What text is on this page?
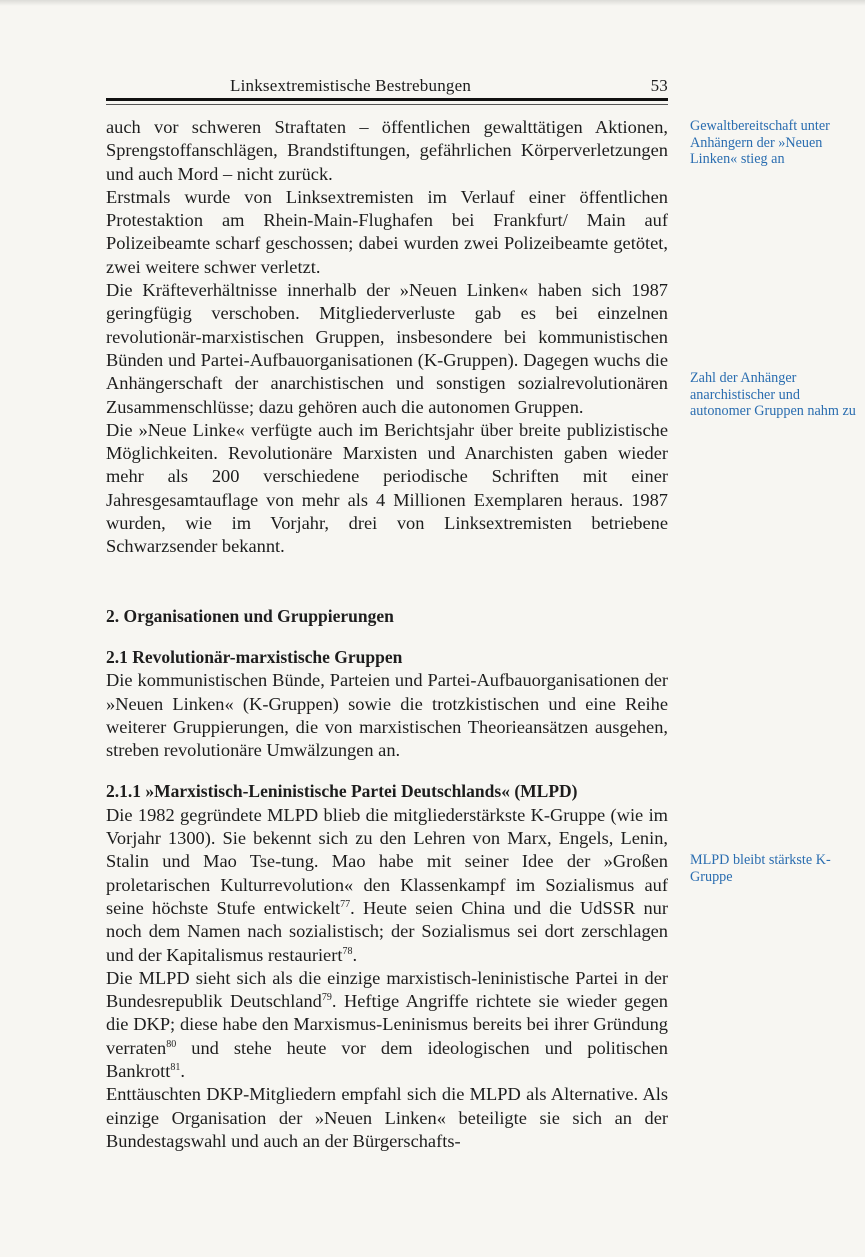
Linksextremistische Bestrebungen	53

auch vor schweren Straftaten – öffentlichen gewalttätigen Aktionen, Sprengstoffanschlägen, Brandstiftungen, gefährlichen Körperverletzungen und auch Mord – nicht zurück.

Erstmals wurde von Linksextremisten im Verlauf einer öffentlichen Protestaktion am Rhein-Main-Flughafen bei Frankfurt/ Main auf Polizeibeamte scharf geschossen; dabei wurden zwei Polizeibeamte getötet, zwei weitere schwer verletzt.

Die Kräfteverhältnisse innerhalb der »Neuen Linken« haben sich 1987 geringfügig verschoben. Mitgliederverluste gab es bei einzelnen revolutionär-marxistischen Gruppen, insbesondere bei kommunistischen Bünden und Partei-Aufbauorganisationen (K-Gruppen). Dagegen wuchs die Anhängerschaft der anarchistischen und sonstigen sozialrevolutionären Zusammenschlüsse; dazu gehören auch die autonomen Gruppen.

Die »Neue Linke« verfügte auch im Berichtsjahr über breite publizistische Möglichkeiten. Revolutionäre Marxisten und Anarchisten gaben wieder mehr als 200 verschiedene periodische Schriften mit einer Jahresgesamtauflage von mehr als 4 Millionen Exemplaren heraus. 1987 wurden, wie im Vorjahr, drei von Linksextremisten betriebene Schwarzsender bekannt.

2. Organisationen und Gruppierungen

2.1 Revolutionär-marxistische Gruppen

Die kommunistischen Bünde, Parteien und Partei-Aufbauorganisationen der »Neuen Linken« (K-Gruppen) sowie die trotzkistischen und eine Reihe weiterer Gruppierungen, die von marxistischen Theorieansätzen ausgehen, streben revolutionäre Umwälzungen an.

2.1.1 »Marxistisch-Leninistische Partei Deutschlands« (MLPD)

Die 1982 gegründete MLPD blieb die mitgliederstärkste K-Gruppe (wie im Vorjahr 1300). Sie bekennt sich zu den Lehren von Marx, Engels, Lenin, Stalin und Mao Tse-tung. Mao habe mit seiner Idee der »Großen proletarischen Kulturrevolution« den Klassenkampf im Sozialismus auf seine höchste Stufe entwickelt$^{77}$. Heute seien China und die UdSSR nur noch dem Namen nach sozialistisch; der Sozialismus sei dort zerschlagen und der Kapitalismus restauriert$^{78}$.

Die MLPD sieht sich als die einzige marxistisch-leninistische Partei in der Bundesrepublik Deutschland$^{79}$. Heftige Angriffe richtete sie wieder gegen die DKP; diese habe den Marxismus-Leninismus bereits bei ihrer Gründung verraten$^{80}$ und stehe heute vor dem ideologischen und politischen Bankrott$^{81}$.

Enttäuschten DKP-Mitgliedern empfahl sich die MLPD als Alternative. Als einzige Organisation der »Neuen Linken« beteiligte sie sich an der Bundestagswahl und auch an der Bürgerschafts-

Gewaltbereitschaft unter Anhängern der »Neuen Linken« stieg an
Zahl der Anhänger anarchistischer und autonomer Gruppen nahm zu
MLPD bleibt stärkste K-Gruppe
